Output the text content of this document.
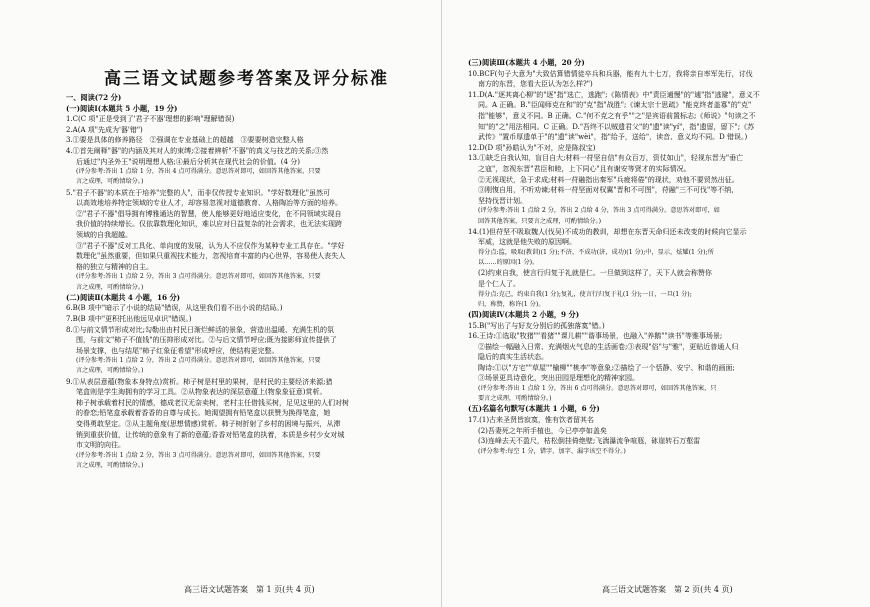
高三语文试题参考答案及评分标准
一、阅读(72 分)
(一)阅读Ⅰ(本题共 5 小题，19 分)
1.C(C 项"正是受到了'君子不器'理想的影响"理解错误)
2.A(A 项"先成为'器'错")
3.①要是具体的修养路径　②强调在专业基础上的超越　③要要树造完整人格
4.①首先阐释"器"的内涵及其对人的束缚;②接着辨析"不器"的真义与技艺的关系;③然
后通过"内圣外王"说明理想人格;④最后分析其在现代社会的价值。(4 分)
(评分参考:答出 1 点给 1 分，答出 4 点可得满分。意思答对即可，如回答其他答案，只要
言之成理，可酌情给分。)
5."君子不器"的本质在于培养"完整的人"，而非仅传授专业知识。"学好数理化"虽然可
以高效地培养特定领域的专业人才，却容易忽视对道德教育、人格陶冶等方面的培养。
②"君子不器"倡导拥有博雅通达的智慧，使人能够更好地适应变化，在不同领域实现自
我价值的持续增长。仅依靠数理化知识，难以应对日益复杂的社会需求，也无法实现跨
领域的自我超越。
③"君子不器"反对工具化、单向度的发展，认为人不应仅作为某种专业工具存在。"学好
数理化"虽然重要，但如果只重视技术能力，忽视培育丰富的内心世界，容易使人丧失人
格的独立与精神的自主。
(评分参考:答出 1 点给 2 分，答出 3 点可得满分。意思答对即可，如回答其他答案，只要
言之成理，可酌情给分。)
(二)阅读Ⅱ(本题共 4 小题，16 分)
6.B(B 项中"暗示了小说的结局"错误，从这里我们看不出小说的结局。)
7.B(B 项中"更积托出他远见卓识"错误。)
8.①与前文情节形成对比;勾勒出由村民日渐烂鲜活的景象，营造出温暖、充满生机的氛
围，与前文"柿子不值钱"的压抑形成对比。②与后文情节呼应;既为接影师宣传提供了
场景支撑，也与结尾"柿子红象征希望"形成呼应，使结构更完整。
(评分参考:答出 1 点给 2 分，答出 2 点可得满分。意思答对即可，如回答其他答案，只要
言之成理，可酌情给分。)
9.①从表层意蕴(物象本身特点)赏析。柿子树是村里的果树，是村民的主要经济来源;猎
笔盒则是学生淘拥有的学习工具。②从物象表达的深层意蕴上(物象象征意)赏析。
柿子树承载着村民的情感，德成老汉无奈卖树，老村主任借钱买树，足见这里的人们对树
的眷恋;铅笔盒承载着香香的自尊与成长。她渴望拥有铅笔盒以获赞为换得笔盒，她
变得勇敢坚定。③从主题角度(思想情感)赏析。柿子树折射了乡村的困境与振兴，从滞
销到重获价值，让传统的意象有了新的意蕴;香香对铅笔盒的执着，本质是乡村少女对城
市文明的向往。
(评分参考:答出 1 点给 2 分，答出 3 点可得满分。意思答对即可，如回答其他答案，只要
言之成理，可酌情给分。)
高三语文试题答案　第 1 页(共 4 页)
(三)阅读Ⅲ(本题共 4 小题，20 分)
10.BCF(句子大意为"大致估算错情徒卒兵和兵器，能有九十七万，我将亲自率军先行，讨伐
南方的东晋，您看大臣认为怎么样?")
11.D(A."逐其离心柳"的"逐"指"选亡，逃跑";《陈情表》中"责臣逋慢"的"逋"指"逃避"，意义不
同。A 正确。B."臣闻师克在和"的"克"指"战胜";《谏太宗十思疏》"能克终者盖寡"的"克"
指"能够"，意义不同。B 正确。C."何不克之有乎""之"是宾语前置标志;《师说》"句读之不
知"的"之"用法相同。C 正确。D."吾终不以贼遗君父"的"遗"读"yí"，指"遗留，留下";《苏
武传》"置币厚遗单于"的"遗"读"wèi"，指"给予，送给"，读音、意义均不同。D 错误。)
12.D(D 项"孙皓认为"不对，应是陈叔宝)
13.①缺乏自我认知，盲目自大;材料一苻坚自信"有众百万，资仗如山"，轻视东晋为"垂亡
之寇"，忽视东晋"君臣和睦，上下同心"且有谢安等贤才的实际情况。
②无视现状，急于求成;材料一苻融指出秦军"兵疲将倦"的现状，劝他不要贸然出征。
③刚愎自用，不听劝谏;材料一苻坚面对权翼"晋和不可图"，苻融"三不可伐"等不纳，
坚持伐晋计划。
(评分参考:答出 1 点给 2 分，答出 2 点给 4 分，答出 3 点可得满分。意思答对即可，如
回答其他答案，只要言之成理，可酌情给分。)
14.(1)但苻坚不吸取魏人(伐吴)不成功的教训，却想在东晋天命归还未改变的时候向它显示
军威，这就是他失败的原因啊。
得分点:监，吸取(教训)(1 分);不济，不成功(济，成功)(1 分);中，显示，炫耀(1 分);所
以……的原因(1 分)。
(2)约束自我，使言行归复于礼就是仁。一旦做到这样了，天下人就会称赞你
是个仁人了。
得分点:克己，约束自我(1 分);复礼，使言行归复于礼(1 分);一日，一旦(1 分);
归，称赞，称许(1 分)。
(四)阅读Ⅳ(本题共 2 小题，9 分)
15.B("写出了与好友分别后的孤独落寞"错。)
16.王诗:①选取"牧猪""看猪""课儿耕""谐事场景，也融入"养鹅""读书"等雅事场景;
②描绘一幅融入日常、充满烟火气息的生活画卷;③表现"俗"与"雅"，更贴近普通人归
隐后的真实生活状态。
陶诗:①以"方宅""草屋""榆柳""桃李"等意象;②描绘了一个恬静、安宁、和谐的画面;
③场景更具诗意化，突出田园是理想化的精神家园。
(评分参考:答出 1 点给 1 分，答出 6 点可得满分。意思答对即可，如回答其他答案，只
要言之成理，可酌情给分。)
(五)名篇名句默写(本题共 1 小题，6 分)
17.(1)古来圣贤皆寂寞，惟有饮者留其名
(2)吾妻死之年所手植也，今已亭亭如盖矣
(3)连峰去天不盈尺，枯松倒挂倚绝壁;飞湍瀑流争喧豗，砯崖转石万壑雷
(评分参考:每空 1 分，错字、加字、漏字该空不得分。)
高三语文试题答案　第 2 页(共 4 页)
